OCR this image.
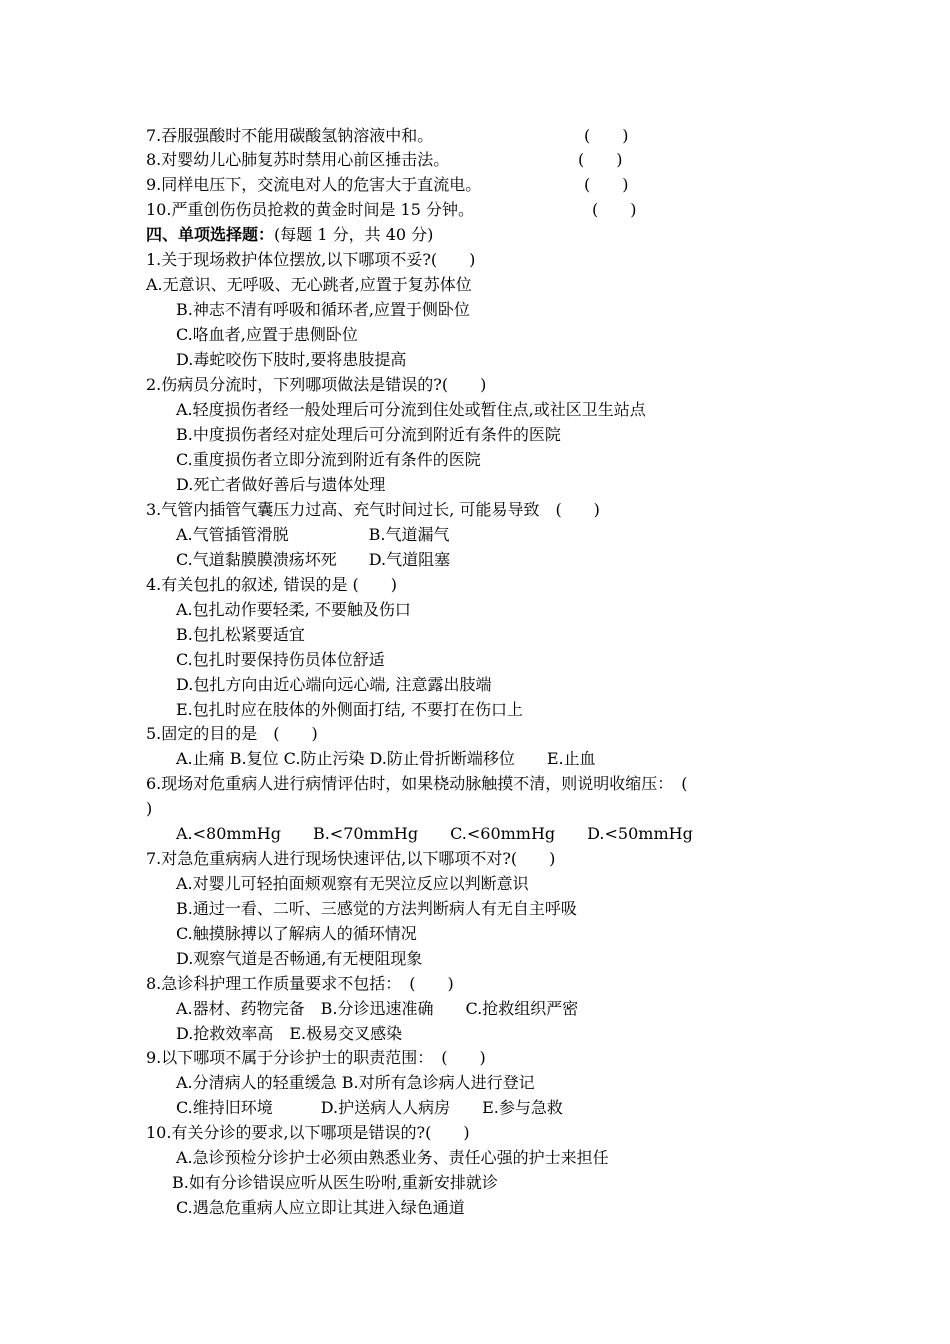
7.吞服强酸时不能用碳酸氢钠溶液中和。	(　　)
8.对婴幼儿心肺复苏时禁用心前区捶击法。	(　　)
9.同样电压下，交流电对人的危害大于直流电。	(　　)
10.严重创伤伤员抢救的黄金时间是 15 分钟。	(　　)
四、单项选择题：(每题 1 分，共 40 分)
1.关于现场救护体位摆放,以下哪项不妥?(　　)
A.无意识、无呼吸、无心跳者,应置于复苏体位
B.神志不清有呼吸和循环者,应置于侧卧位
C.咯血者,应置于患侧卧位
D.毒蛇咬伤下肢时,要将患肢提高
2.伤病员分流时，下列哪项做法是错误的?(　　)
A.轻度损伤者经一般处理后可分流到住处或暂住点,或社区卫生站点
B.中度损伤者经对症处理后可分流到附近有条件的医院
C.重度损伤者立即分流到附近有条件的医院
D.死亡者做好善后与遗体处理
3.气管内插管气囊压力过高、充气时间过长, 可能易导致　(　　)
A.气管插管滑脱　　　　　B.气道漏气
C.气道黏膜膜溃疡坏死　　D.气道阻塞
4.有关包扎的叙述, 错误的是 (　　)
A.包扎动作要轻柔, 不要触及伤口
B.包扎松紧要适宜
C.包扎时要保持伤员体位舒适
D.包扎方向由近心端向远心端, 注意露出肢端
E.包扎时应在肢体的外侧面打结, 不要打在伤口上
5.固定的目的是　(　　)
A.止痛 B.复位 C.防止污染 D.防止骨折断端移位　　E.止血
6.现场对危重病人进行病情评估时，如果桡动脉触摸不清，则说明收缩压：　(
)
A.<80mmHg　　B.<70mmHg　　C.<60mmHg　　D.<50mmHg
7.对急危重病病人进行现场快速评估,以下哪项不对?(　　)
A.对婴儿可轻拍面颊观察有无哭泣反应以判断意识
B.通过一看、二听、三感觉的方法判断病人有无自主呼吸
C.触摸脉搏以了解病人的循环情况
D.观察气道是否畅通,有无梗阻现象
8.急诊科护理工作质量要求不包括：　(　　)
A.器材、药物完备　B.分诊迅速准确　　C.抢救组织严密
D.抢救效率高　E.极易交叉感染
9.以下哪项不属于分诊护士的职责范围：　(　　)
A.分清病人的轻重缓急 B.对所有急诊病人进行登记
C.维持旧环境　　　D.护送病人人病房　　E.参与急救
10.有关分诊的要求,以下哪项是错误的?(　　)
A.急诊预检分诊护士必须由熟悉业务、责任心强的护士来担任
B.如有分诊错误应听从医生吩咐,重新安排就诊
C.遇急危重病人应立即让其进入绿色通道
